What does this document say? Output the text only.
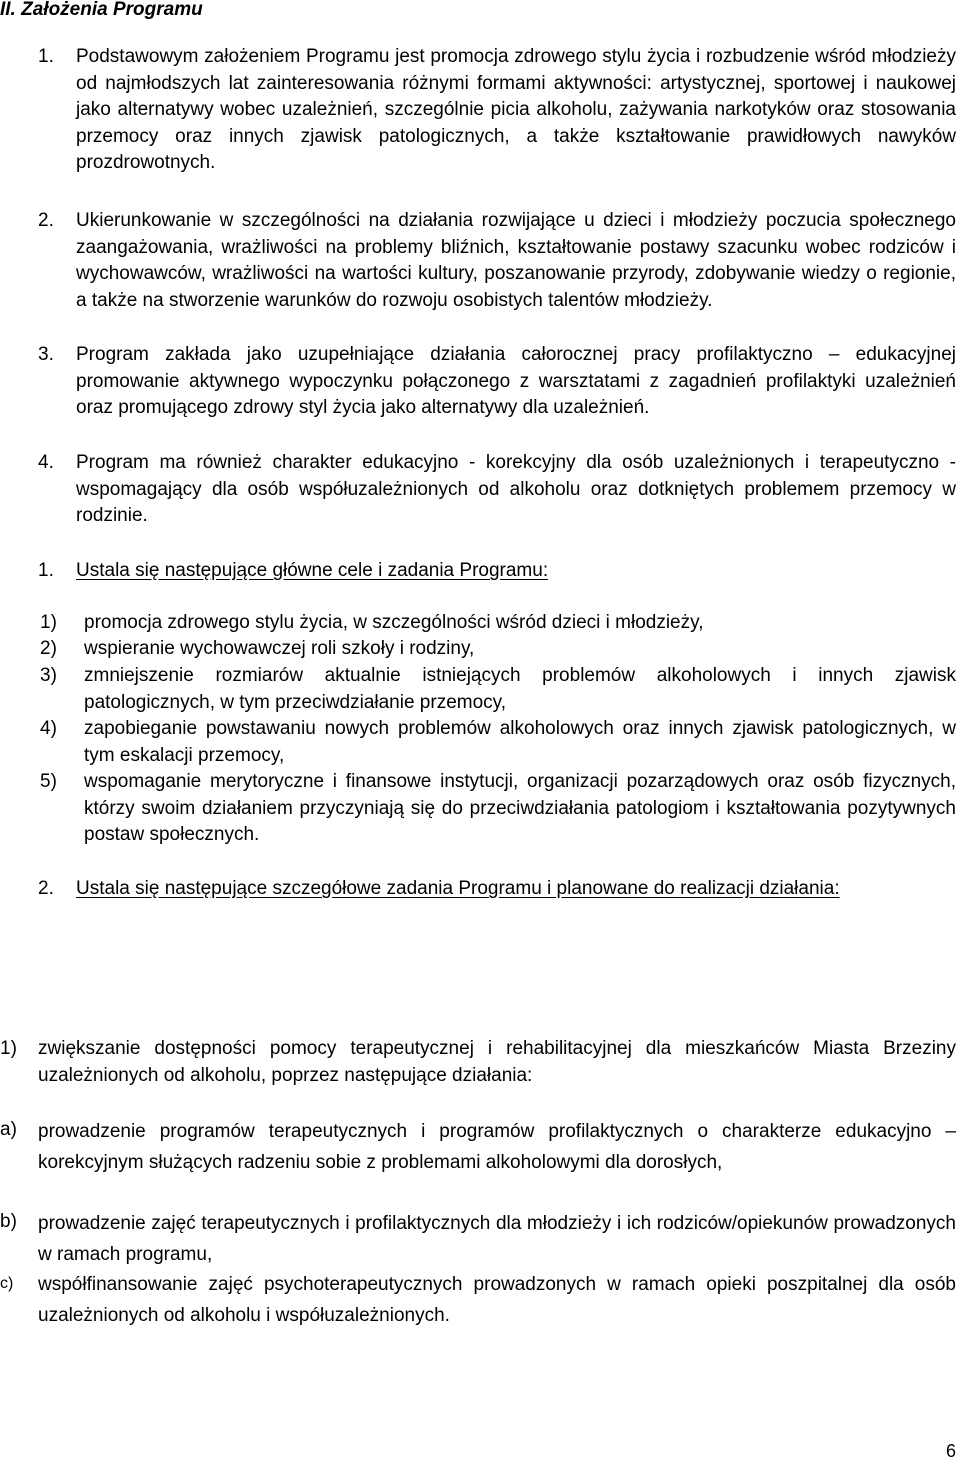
II. Założenia Programu
1. Podstawowym założeniem Programu jest promocja zdrowego stylu życia i rozbudzenie wśród młodzieży od najmłodszych lat zainteresowania różnymi formami aktywności: artystycznej, sportowej i naukowej jako alternatywy wobec uzależnień, szczególnie picia alkoholu, zażywania narkotyków oraz stosowania przemocy oraz innych zjawisk patologicznych, a także kształtowanie prawidłowych nawyków prozdrowotnych.
2. Ukierunkowanie w szczególności na działania rozwijające u dzieci i młodzieży poczucia społecznego zaangażowania, wrażliwości na problemy bliźnich, kształtowanie postawy szacunku wobec rodziców i wychowawców, wrażliwości na wartości kultury, poszanowanie przyrody, zdobywanie wiedzy o regionie, a także na stworzenie warunków do rozwoju osobistych talentów młodzieży.
3. Program zakłada jako uzupełniające działania całorocznej pracy profilaktyczno – edukacyjnej promowanie aktywnego wypoczynku połączonego z warsztatami z zagadnień profilaktyki uzależnień oraz promującego zdrowy styl życia jako alternatywy dla uzależnień.
4. Program ma również charakter edukacyjno - korekcyjny dla osób uzależnionych i terapeutyczno - wspomagający dla osób współuzależnionych od alkoholu oraz dotkniętych problemem przemocy w rodzinie.
1. Ustala się następujące główne cele i zadania Programu:
1) promocja zdrowego stylu życia, w szczególności wśród dzieci i młodzieży,
2) wspieranie wychowawczej roli szkoły i rodziny,
3) zmniejszenie rozmiarów aktualnie istniejących problemów alkoholowych i innych zjawisk patologicznych, w tym przeciwdziałanie przemocy,
4) zapobieganie powstawaniu nowych problemów alkoholowych oraz innych zjawisk patologicznych, w tym eskalacji przemocy,
5) wspomaganie merytoryczne i finansowe instytucji, organizacji pozarządowych oraz osób fizycznych, którzy swoim działaniem przyczyniają się do przeciwdziałania patologiom i kształtowania pozytywnych postaw społecznych.
2. Ustala się następujące szczegółowe zadania Programu i planowane do realizacji działania:
1) zwiększanie dostępności pomocy terapeutycznej i rehabilitacyjnej dla mieszkańców Miasta Brzeziny uzależnionych od alkoholu, poprzez następujące działania:
a) prowadzenie programów terapeutycznych i programów profilaktycznych o charakterze edukacyjno – korekcyjnym służących radzeniu sobie z problemami alkoholowymi dla dorosłych,
b) prowadzenie zajęć terapeutycznych i profilaktycznych dla młodzieży i ich rodziców/opiekunów prowadzonych w ramach programu,
c) współfinansowanie zajęć psychoterapeutycznych prowadzonych w ramach opieki poszpitalnej dla osób uzależnionych od alkoholu i współuzależnionych.
6
